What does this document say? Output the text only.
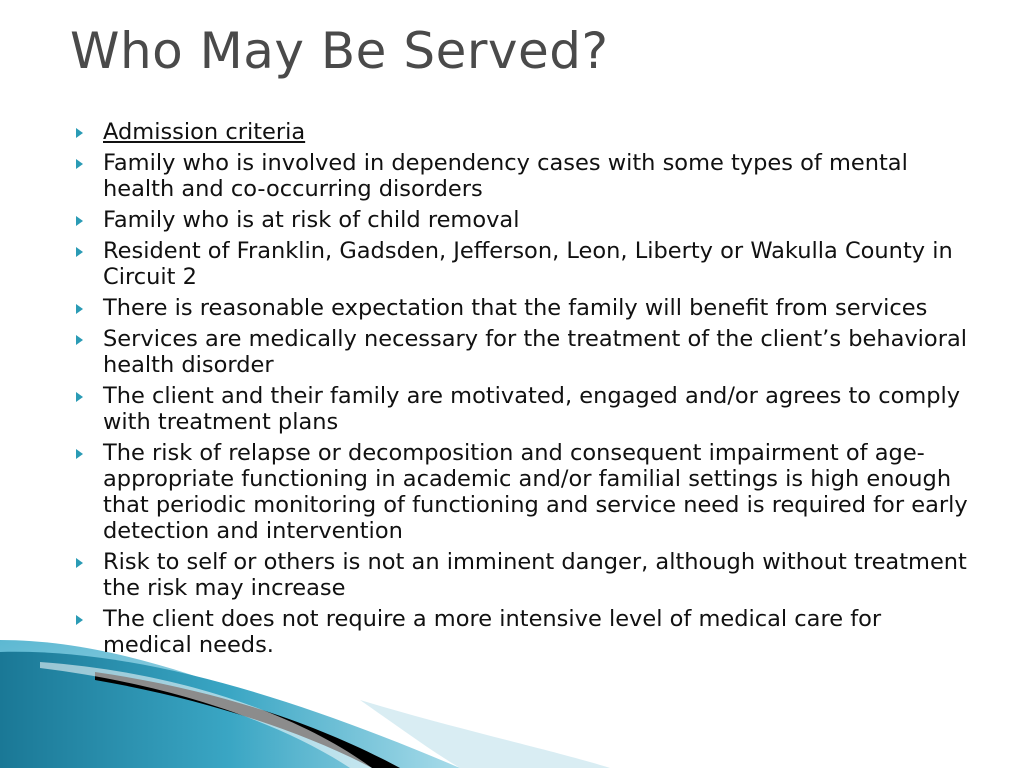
Who May Be Served?
Admission criteria
Family who is involved in dependency cases with some types of mental health and co-occurring disorders
Family who is at risk of child removal
Resident of Franklin, Gadsden, Jefferson, Leon, Liberty or Wakulla County in Circuit 2
There is reasonable expectation that the family will benefit from services
Services are medically necessary for the treatment of the client’s behavioral health disorder
The client and their family are motivated, engaged and/or agrees to comply with treatment plans
The risk of relapse or decomposition and consequent impairment of age-appropriate functioning in academic and/or familial settings is high enough that periodic monitoring of functioning and service need is required for early detection and intervention
Risk to self or others is not an imminent danger, although without treatment the risk may increase
The client does not require a more intensive level of medical care for medical needs.
